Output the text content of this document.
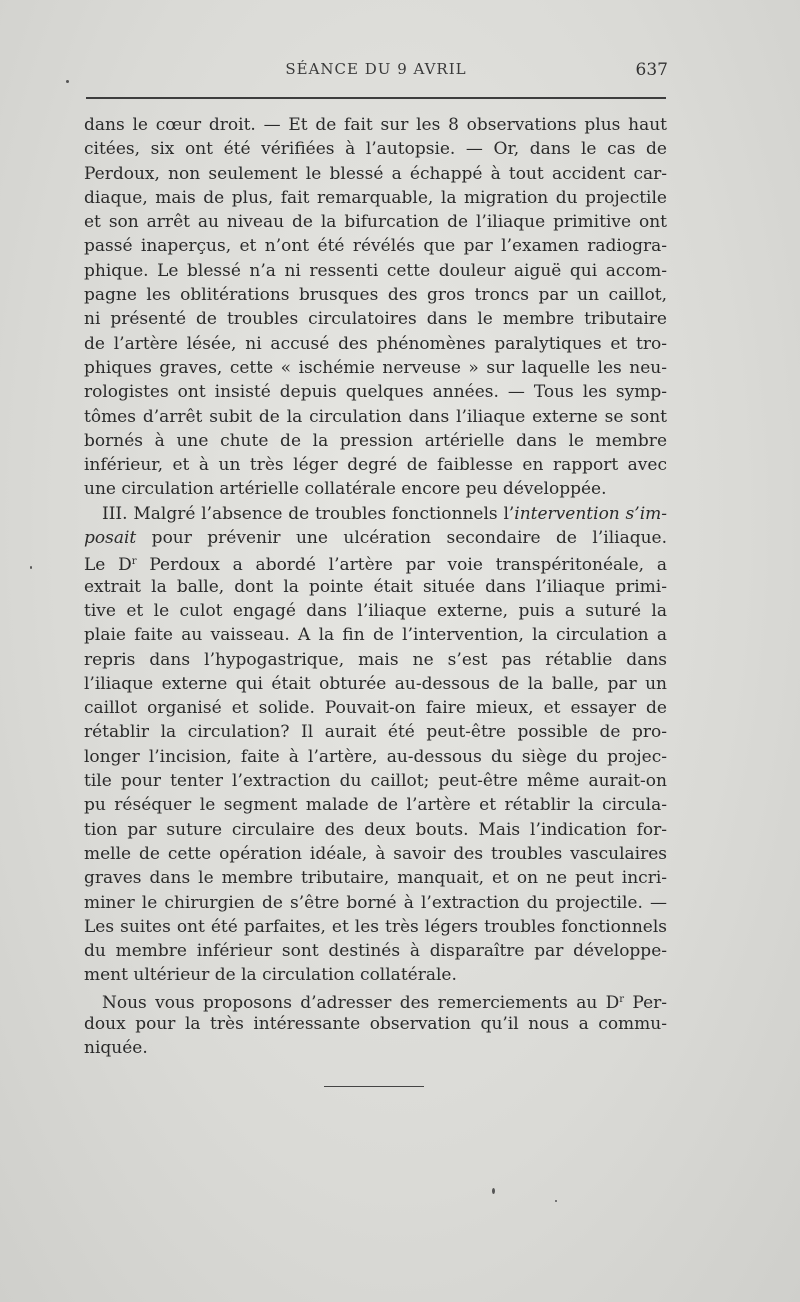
SÉANCE DU 9 AVRIL	637
dans le cœur droit. — Et de fait sur les 8 observations plus haut
citées, six ont été vérifiées à l’autopsie. — Or, dans le cas de
Perdoux, non seulement le blessé a échappé à tout accident car-
diaque, mais de plus, fait remarquable, la migration du projectile
et son arrêt au niveau de la bifurcation de l’iliaque primitive ont
passé inaperçus, et n’ont été révélés que par l’examen radiogra-
phique. Le blessé n’a ni ressenti cette douleur aiguë qui accom-
pagne les oblitérations brusques des gros troncs par un caillot,
ni présenté de troubles circulatoires dans le membre tributaire
de l’artère lésée, ni accusé des phénomènes paralytiques et tro-
phiques graves, cette « ischémie nerveuse » sur laquelle les neu-
rologistes ont insisté depuis quelques années. — Tous les symp-
tômes d’arrêt subit de la circulation dans l’iliaque externe se sont
bornés à une chute de la pression artérielle dans le membre
inférieur, et à un très léger degré de faiblesse en rapport avec
une circulation artérielle collatérale encore peu développée.
III. Malgré l’absence de troubles fonctionnels l’intervention s’im-
posait pour prévenir une ulcération secondaire de l’iliaque.
Le $D^r$ Perdoux a abordé l’artère par voie transpéritonéale, a
extrait la balle, dont la pointe était située dans l’iliaque primi-
tive et le culot engagé dans l’iliaque externe, puis a suturé la
plaie faite au vaisseau. A la fin de l’intervention, la circulation a
repris dans l’hypogastrique, mais ne s’est pas rétablie dans
l’iliaque externe qui était obturée au-dessous de la balle, par un
caillot organisé et solide. Pouvait-on faire mieux, et essayer de
rétablir la circulation? Il aurait été peut-être possible de pro-
longer l’incision, faite à l’artère, au-dessous du siège du projec-
tile pour tenter l’extraction du caillot; peut-être même aurait-on
pu réséquer le segment malade de l’artère et rétablir la circula-
tion par suture circulaire des deux bouts. Mais l’indication for-
melle de cette opération idéale, à savoir des troubles vasculaires
graves dans le membre tributaire, manquait, et on ne peut incri-
miner le chirurgien de s’être borné à l’extraction du projectile. —
Les suites ont été parfaites, et les très légers troubles fonctionnels
du membre inférieur sont destinés à disparaître par développe-
ment ultérieur de la circulation collatérale.
Nous vous proposons d’adresser des remerciements au $D^r$ Per-
doux pour la très intéressante observation qu’il nous a commu-
niquée.
